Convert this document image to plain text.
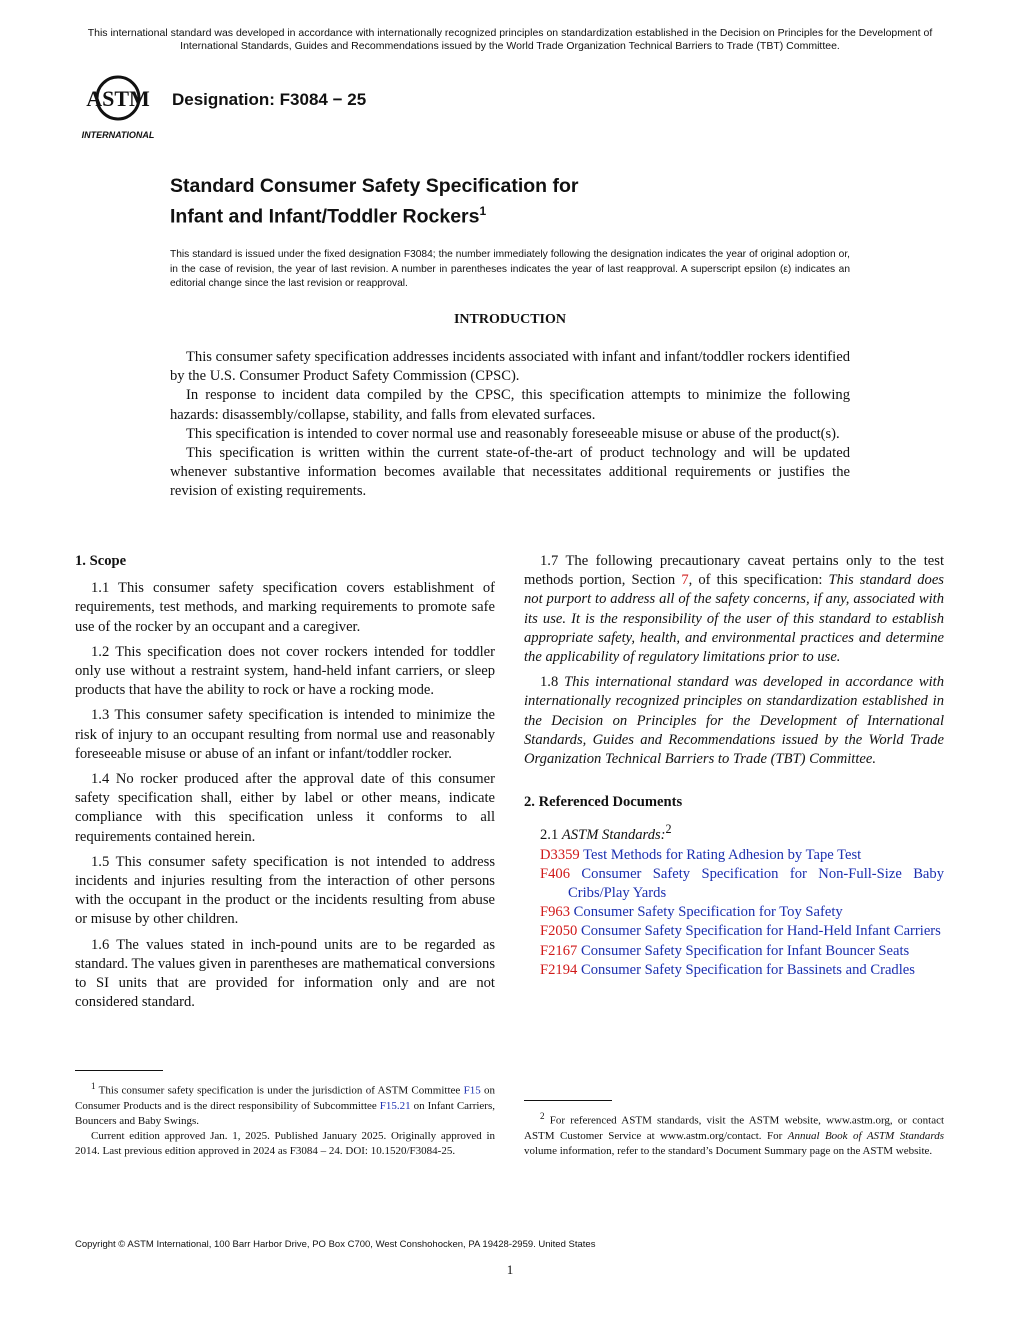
This international standard was developed in accordance with internationally recognized principles on standardization established in the Decision on Principles for the Development of International Standards, Guides and Recommendations issued by the World Trade Organization Technical Barriers to Trade (TBT) Committee.
ASTM
INTERNATIONAL
Designation: F3084 − 25
Standard Consumer Safety Specification for
Infant and Infant/Toddler Rockers$^1$
This standard is issued under the fixed designation F3084; the number immediately following the designation indicates the year of original adoption or, in the case of revision, the year of last revision. A number in parentheses indicates the year of last reapproval. A superscript epsilon (ε) indicates an editorial change since the last revision or reapproval.
INTRODUCTION

This consumer safety specification addresses incidents associated with infant and infant/toddler rockers identified by the U.S. Consumer Product Safety Commission (CPSC).

In response to incident data compiled by the CPSC, this specification attempts to minimize the following hazards: disassembly/collapse, stability, and falls from elevated surfaces.

This specification is intended to cover normal use and reasonably foreseeable misuse or abuse of the product(s).

This specification is written within the current state-of-the-art of product technology and will be updated whenever substantive information becomes available that necessitates additional requirements or justifies the revision of existing requirements.

1. Scope

1.1 This consumer safety specification covers establishment of requirements, test methods, and marking requirements to promote safe use of the rocker by an occupant and a caregiver.

1.2 This specification does not cover rockers intended for toddler only use without a restraint system, hand-held infant carriers, or sleep products that have the ability to rock or have a rocking mode.

1.3 This consumer safety specification is intended to minimize the risk of injury to an occupant resulting from normal use and reasonably foreseeable misuse or abuse of an infant or infant/toddler rocker.

1.4 No rocker produced after the approval date of this consumer safety specification shall, either by label or other means, indicate compliance with this specification unless it conforms to all requirements contained herein.

1.5 This consumer safety specification is not intended to address incidents and injuries resulting from the interaction of other persons with the occupant in the product or the incidents resulting from abuse or misuse by other children.

1.6 The values stated in inch-pound units are to be regarded as standard. The values given in parentheses are mathematical conversions to SI units that are provided for information only and are not considered standard.

$^1$ This consumer safety specification is under the jurisdiction of ASTM Committee F15 on Consumer Products and is the direct responsibility of Subcommittee F15.21 on Infant Carriers, Bouncers and Baby Swings.

Current edition approved Jan. 1, 2025. Published January 2025. Originally approved in 2014. Last previous edition approved in 2024 as F3084 – 24. DOI: 10.1520/F3084-25.

1.7 The following precautionary caveat pertains only to the test methods portion, Section 7, of this specification: This standard does not purport to address all of the safety concerns, if any, associated with its use. It is the responsibility of the user of this standard to establish appropriate safety, health, and environmental practices and determine the applicability of regulatory limitations prior to use.

1.8 This international standard was developed in accordance with internationally recognized principles on standardization established in the Decision on Principles for the Development of International Standards, Guides and Recommendations issued by the World Trade Organization Technical Barriers to Trade (TBT) Committee.

2. Referenced Documents

2.1 ASTM Standards:$^2$

D3359 Test Methods for Rating Adhesion by Tape Test
F406 Consumer Safety Specification for Non-Full-Size Baby Cribs/Play Yards
F963 Consumer Safety Specification for Toy Safety
F2050 Consumer Safety Specification for Hand-Held Infant Carriers
F2167 Consumer Safety Specification for Infant Bouncer Seats
F2194 Consumer Safety Specification for Bassinets and Cradles

$^2$ For referenced ASTM standards, visit the ASTM website, www.astm.org, or contact ASTM Customer Service at www.astm.org/contact. For Annual Book of ASTM Standards volume information, refer to the standard’s Document Summary page on the ASTM website.

Copyright © ASTM International, 100 Barr Harbor Drive, PO Box C700, West Conshohocken, PA 19428-2959. United States
1
